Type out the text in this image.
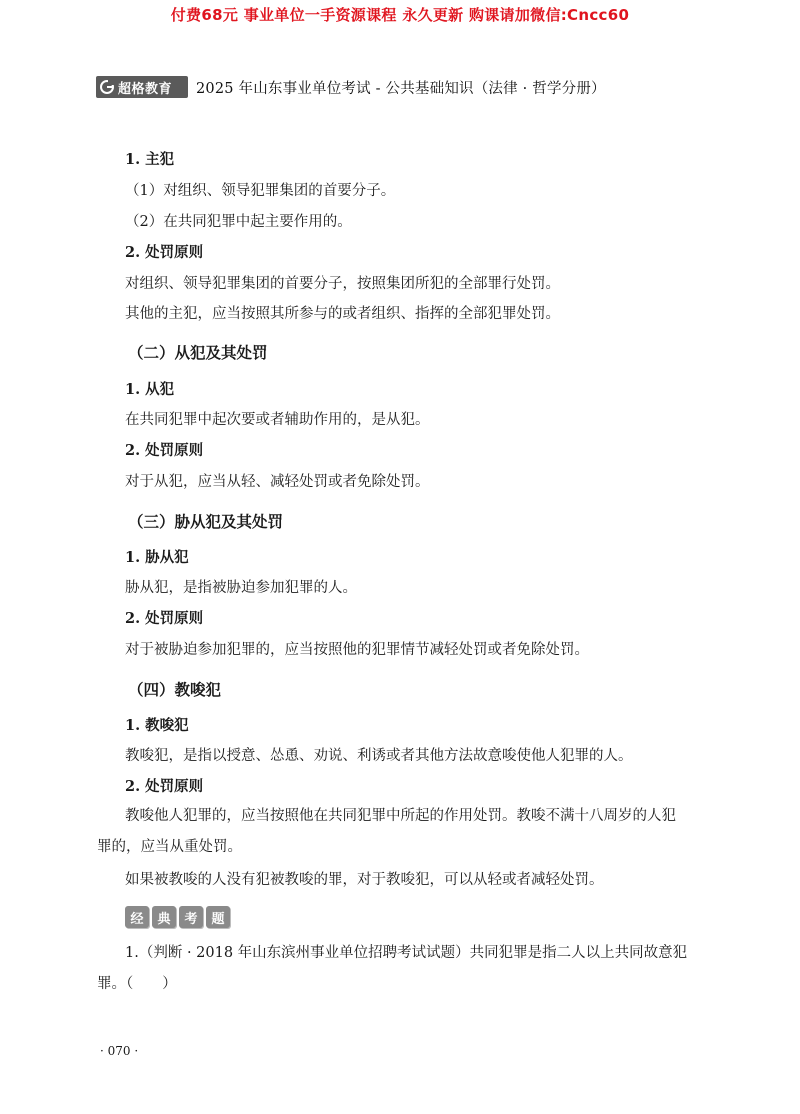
付费68元 事业单位一手资源课程 永久更新 购课请加微信:Cncc60
超格教育 2025 年山东事业单位考试 - 公共基础知识（法律 · 哲学分册）
1. 主犯
（1）对组织、领导犯罪集团的首要分子。
（2）在共同犯罪中起主要作用的。
2. 处罚原则
对组织、领导犯罪集团的首要分子，按照集团所犯的全部罪行处罚。
其他的主犯，应当按照其所参与的或者组织、指挥的全部犯罪处罚。
（二）从犯及其处罚
1. 从犯
在共同犯罪中起次要或者辅助作用的，是从犯。
2. 处罚原则
对于从犯，应当从轻、减轻处罚或者免除处罚。
（三）胁从犯及其处罚
1. 胁从犯
胁从犯，是指被胁迫参加犯罪的人。
2. 处罚原则
对于被胁迫参加犯罪的，应当按照他的犯罪情节减轻处罚或者免除处罚。
（四）教唆犯
1. 教唆犯
教唆犯，是指以授意、怂恿、劝说、利诱或者其他方法故意唆使他人犯罪的人。
2. 处罚原则
教唆他人犯罪的，应当按照他在共同犯罪中所起的作用处罚。教唆不满十八周岁的人犯罪的，应当从重处罚。
如果被教唆的人没有犯被教唆的罪，对于教唆犯，可以从轻或者减轻处罚。
经	典	考	题
1.（判断 · 2018 年山东滨州事业单位招聘考试试题）共同犯罪是指二人以上共同故意犯罪。（　　）
· 070 ·
